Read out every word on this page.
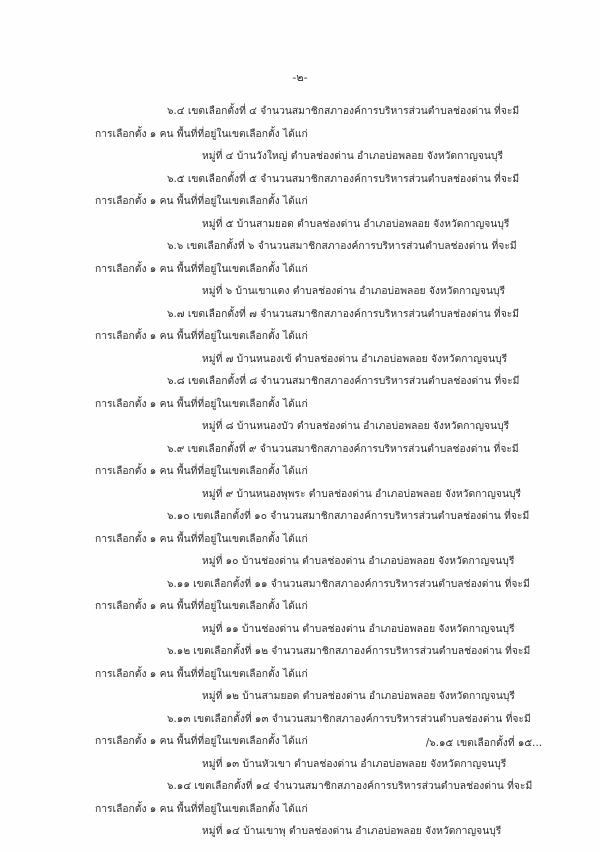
-๒-
๖.๔ เขตเลือกตั้งที่ ๔ จำนวนสมาชิกสภาองค์การบริหารส่วนตำบลช่องด่าน ที่จะมี
การเลือกตั้ง ๑ คน พื้นที่ที่อยู่ในเขตเลือกตั้ง ได้แก่
หมู่ที่ ๔ บ้านวังใหญ่ ตำบลช่องด่าน อำเภอบ่อพลอย จังหวัดกาญจนบุรี
๖.๕ เขตเลือกตั้งที่ ๕ จำนวนสมาชิกสภาองค์การบริหารส่วนตำบลช่องด่าน ที่จะมี
การเลือกตั้ง ๑ คน พื้นที่ที่อยู่ในเขตเลือกตั้ง ได้แก่
หมู่ที่ ๕ บ้านสามยอด ตำบลช่องด่าน อำเภอบ่อพลอย จังหวัดกาญจนบุรี
๖.๖ เขตเลือกตั้งที่ ๖ จำนวนสมาชิกสภาองค์การบริหารส่วนตำบลช่องด่าน ที่จะมี
การเลือกตั้ง ๑ คน พื้นที่ที่อยู่ในเขตเลือกตั้ง ได้แก่
หมู่ที่ ๖ บ้านเขาแดง ตำบลช่องด่าน อำเภอบ่อพลอย จังหวัดกาญจนบุรี
๖.๗ เขตเลือกตั้งที่ ๗ จำนวนสมาชิกสภาองค์การบริหารส่วนตำบลช่องด่าน ที่จะมี
การเลือกตั้ง ๑ คน พื้นที่ที่อยู่ในเขตเลือกตั้ง ได้แก่
หมู่ที่ ๗ บ้านหนองเข้ ตำบลช่องด่าน อำเภอบ่อพลอย จังหวัดกาญจนบุรี
๖.๘ เขตเลือกตั้งที่ ๘ จำนวนสมาชิกสภาองค์การบริหารส่วนตำบลช่องด่าน ที่จะมี
การเลือกตั้ง ๑ คน พื้นที่ที่อยู่ในเขตเลือกตั้ง ได้แก่
หมู่ที่ ๘ บ้านหนองบัว ตำบลช่องด่าน อำเภอบ่อพลอย จังหวัดกาญจนบุรี
๖.๙ เขตเลือกตั้งที่ ๙ จำนวนสมาชิกสภาองค์การบริหารส่วนตำบลช่องด่าน ที่จะมี
การเลือกตั้ง ๑ คน พื้นที่ที่อยู่ในเขตเลือกตั้ง ได้แก่
หมู่ที่ ๙ บ้านหนองพุพระ ตำบลช่องด่าน อำเภอบ่อพลอย จังหวัดกาญจนบุรี
๖.๑๐ เขตเลือกตั้งที่ ๑๐ จำนวนสมาชิกสภาองค์การบริหารส่วนตำบลช่องด่าน ที่จะมี
การเลือกตั้ง ๑ คน พื้นที่ที่อยู่ในเขตเลือกตั้ง ได้แก่
หมู่ที่ ๑๐ บ้านช่องด่าน ตำบลช่องด่าน อำเภอบ่อพลอย จังหวัดกาญจนบุรี
๖.๑๑ เขตเลือกตั้งที่ ๑๑ จำนวนสมาชิกสภาองค์การบริหารส่วนตำบลช่องด่าน ที่จะมี
การเลือกตั้ง ๑ คน พื้นที่ที่อยู่ในเขตเลือกตั้ง ได้แก่
หมู่ที่ ๑๑ บ้านช่องด่าน ตำบลช่องด่าน อำเภอบ่อพลอย จังหวัดกาญจนบุรี
๖.๑๒ เขตเลือกตั้งที่ ๑๒ จำนวนสมาชิกสภาองค์การบริหารส่วนตำบลช่องด่าน ที่จะมี
การเลือกตั้ง ๑ คน พื้นที่ที่อยู่ในเขตเลือกตั้ง ได้แก่
หมู่ที่ ๑๒ บ้านสามยอด ตำบลช่องด่าน อำเภอบ่อพลอย จังหวัดกาญจนบุรี
๖.๑๓ เขตเลือกตั้งที่ ๑๓ จำนวนสมาชิกสภาองค์การบริหารส่วนตำบลช่องด่าน ที่จะมี
การเลือกตั้ง ๑ คน พื้นที่ที่อยู่ในเขตเลือกตั้ง ได้แก่
หมู่ที่ ๑๓ บ้านหัวเขา ตำบลช่องด่าน อำเภอบ่อพลอย จังหวัดกาญจนบุรี
๖.๑๔ เขตเลือกตั้งที่ ๑๔ จำนวนสมาชิกสภาองค์การบริหารส่วนตำบลช่องด่าน ที่จะมี
การเลือกตั้ง ๑ คน พื้นที่ที่อยู่ในเขตเลือกตั้ง ได้แก่
หมู่ที่ ๑๔ บ้านเขาพุ ตำบลช่องด่าน อำเภอบ่อพลอย จังหวัดกาญจนบุรี
/๖.๑๕ เขตเลือกตั้งที่ ๑๕...
